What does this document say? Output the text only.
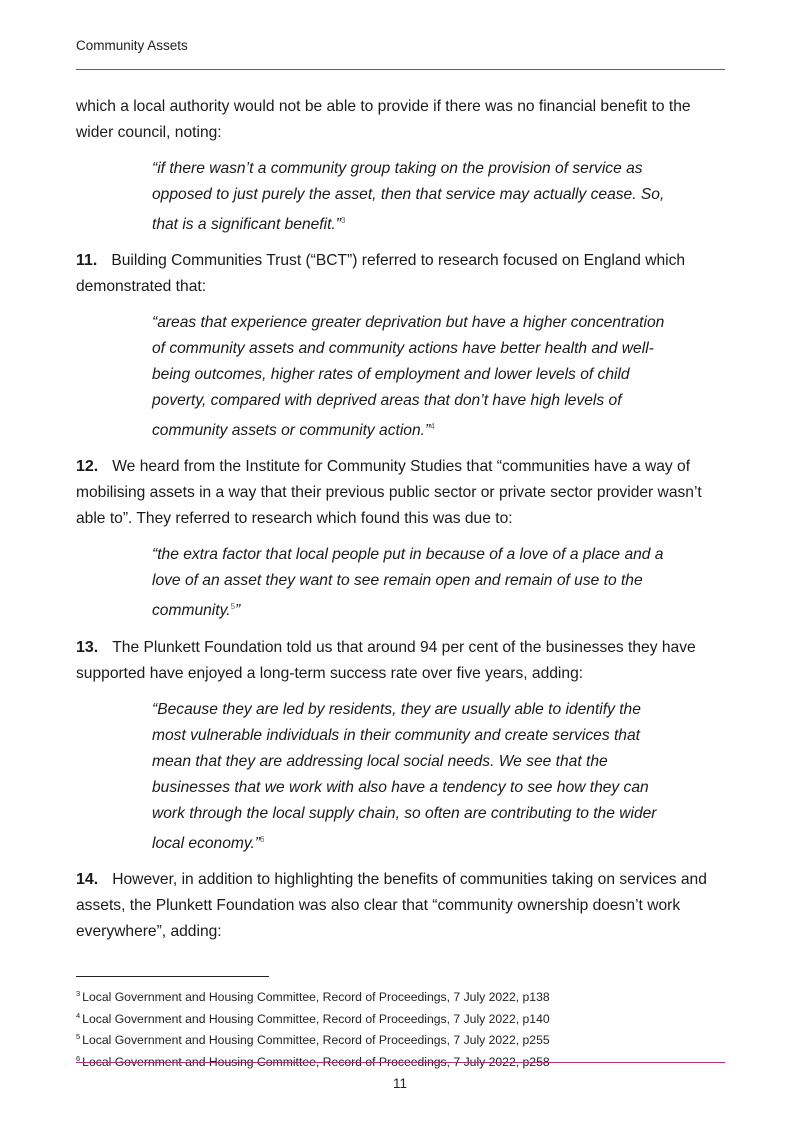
Community Assets

which a local authority would not be able to provide if there was no financial benefit to the wider council, noting:

“if there wasn’t a community group taking on the provision of service as opposed to just purely the asset, then that service may actually cease. So, that is a significant benefit.”$^3$

11. Building Communities Trust (“BCT”) referred to research focused on England which demonstrated that:

“areas that experience greater deprivation but have a higher concentration of community assets and community actions have better health and well-being outcomes, higher rates of employment and lower levels of child poverty, compared with deprived areas that don’t have high levels of community assets or community action.”$^4$

12. We heard from the Institute for Community Studies that “communities have a way of mobilising assets in a way that their previous public sector or private sector provider wasn’t able to”. They referred to research which found this was due to:

“the extra factor that local people put in because of a love of a place and a love of an asset they want to see remain open and remain of use to the community.$^5$”

13. The Plunkett Foundation told us that around 94 per cent of the businesses they have supported have enjoyed a long-term success rate over five years, adding:

“Because they are led by residents, they are usually able to identify the most vulnerable individuals in their community and create services that mean that they are addressing local social needs. We see that the businesses that we work with also have a tendency to see how they can work through the local supply chain, so often are contributing to the wider local economy.”$^6$

14. However, in addition to highlighting the benefits of communities taking on services and assets, the Plunkett Foundation was also clear that “community ownership doesn’t work everywhere”, adding:

$^3$ Local Government and Housing Committee, Record of Proceedings, 7 July 2022, p138
$^4$ Local Government and Housing Committee, Record of Proceedings, 7 July 2022, p140
$^5$ Local Government and Housing Committee, Record of Proceedings, 7 July 2022, p255
$^6$ Local Government and Housing Committee, Record of Proceedings, 7 July 2022, p258
11
